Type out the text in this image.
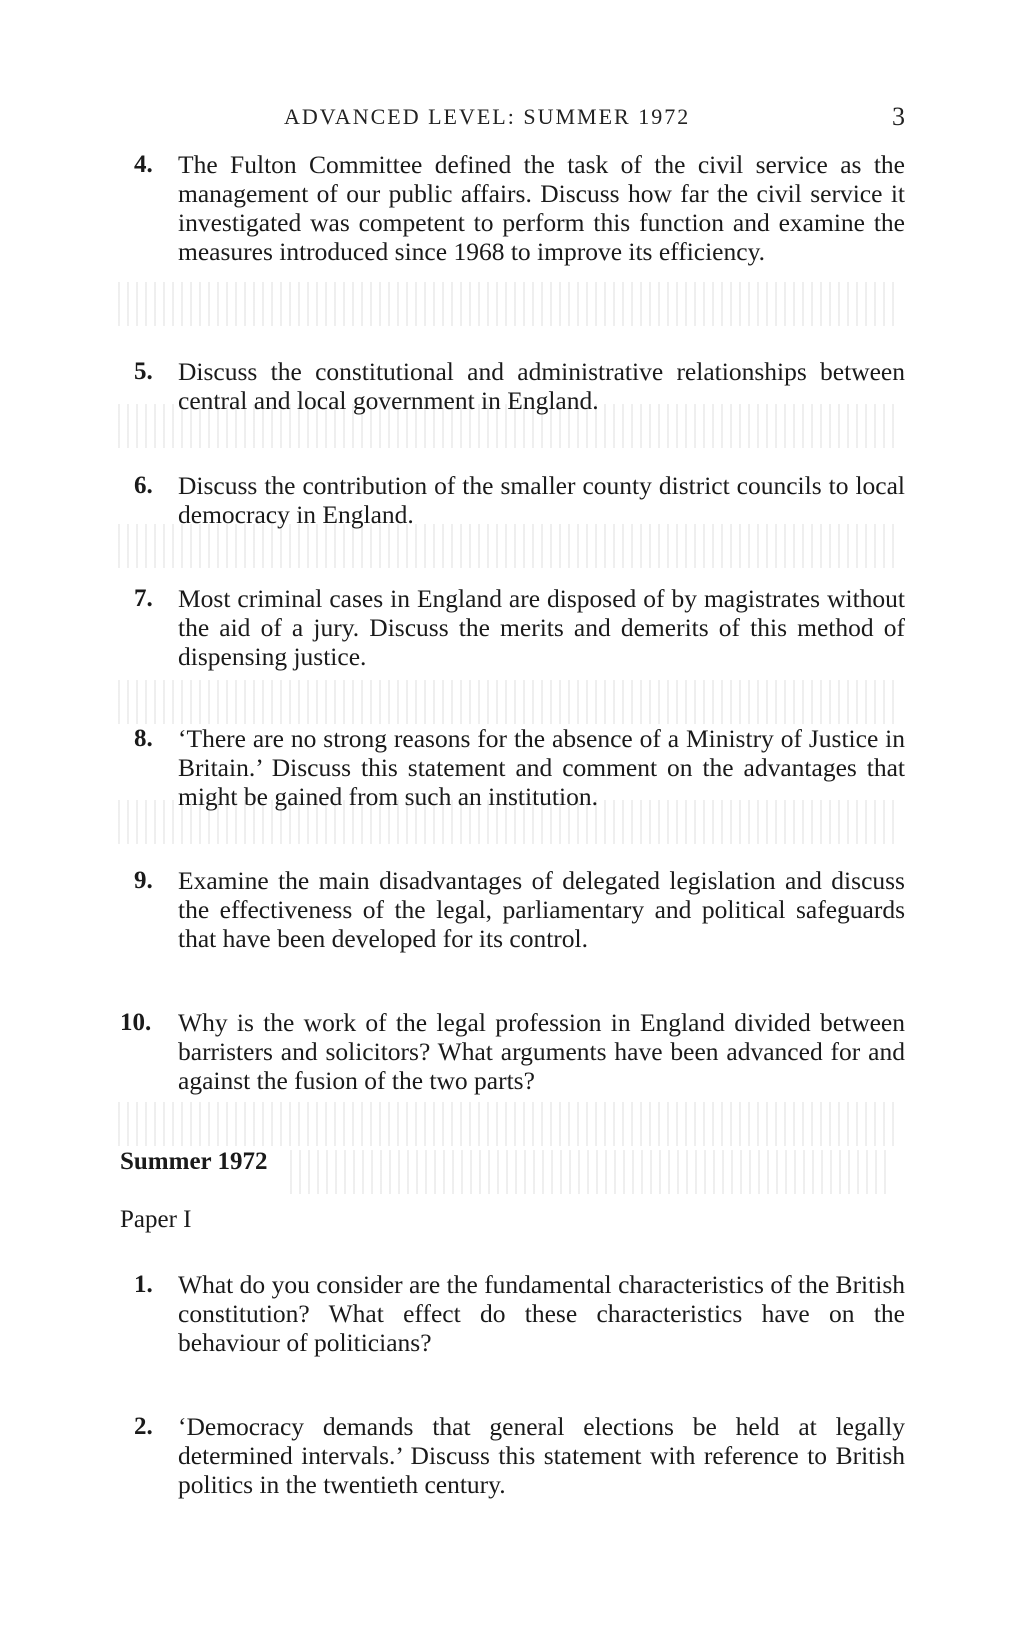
ADVANCED LEVEL: SUMMER 1972	3
4. The Fulton Committee defined the task of the civil service as the management of our public affairs. Discuss how far the civil service it investigated was competent to perform this function and examine the measures introduced since 1968 to improve its efficiency.
5. Discuss the constitutional and administrative relationships between central and local government in England.
6. Discuss the contribution of the smaller county district councils to local democracy in England.
7. Most criminal cases in England are disposed of by magistrates without the aid of a jury. Discuss the merits and demerits of this method of dispensing justice.
8. ‘There are no strong reasons for the absence of a Ministry of Justice in Britain.’ Discuss this statement and comment on the advantages that might be gained from such an institution.
9. Examine the main disadvantages of delegated legislation and discuss the effectiveness of the legal, parliamentary and political safeguards that have been developed for its control.
10. Why is the work of the legal profession in England divided between barristers and solicitors? What arguments have been advanced for and against the fusion of the two parts?
Summer 1972
Paper I
1. What do you consider are the fundamental characteristics of the British constitution? What effect do these characteristics have on the behaviour of politicians?
2. ‘Democracy demands that general elections be held at legally determined intervals.’ Discuss this statement with reference to British politics in the twentieth century.
